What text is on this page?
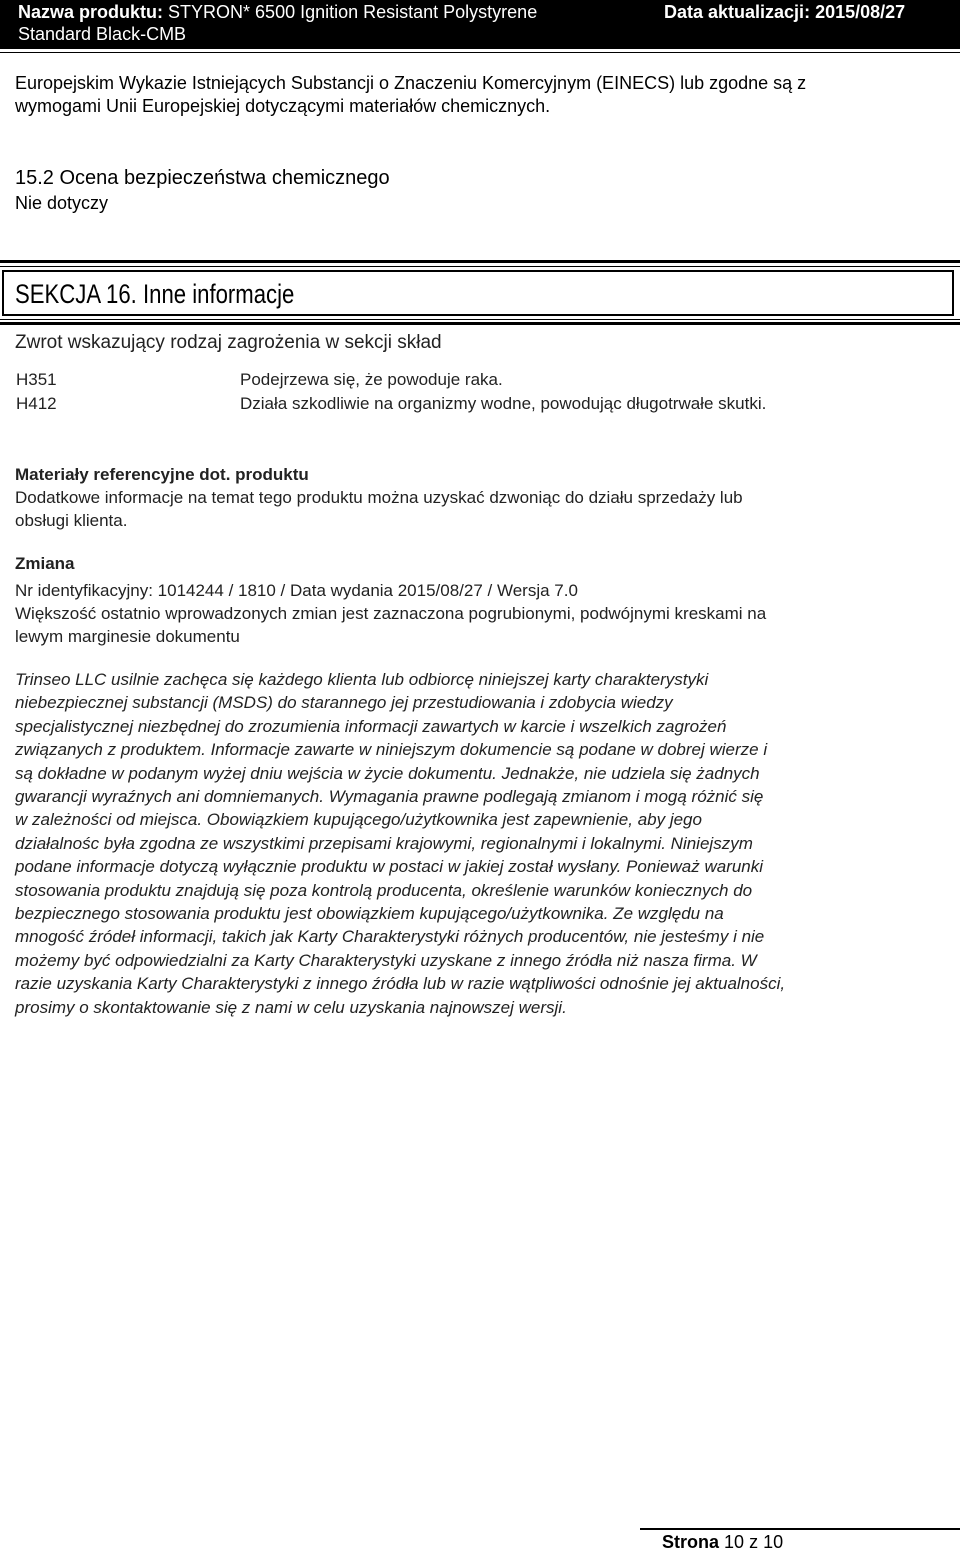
Nazwa produktu: STYRON* 6500 Ignition Resistant Polystyrene	Data aktualizacji: 2015/08/27
Standard Black-CMB
Europejskim Wykazie Istniejących Substancji o Znaczeniu Komercyjnym (EINECS) lub zgodne są z
wymogami Unii Europejskiej dotyczącymi materiałów chemicznych.
15.2 Ocena bezpieczeństwa chemicznego
Nie dotyczy
SEKCJA 16. Inne informacje
Zwrot wskazujący rodzaj zagrożenia w sekcji skład
H351	Podejrzewa się, że powoduje raka.
H412	Działa szkodliwie na organizmy wodne, powodując długotrwałe skutki.
Materiały referencyjne dot. produktu
Dodatkowe informacje na temat tego produktu można uzyskać dzwoniąc do działu sprzedaży lub
obsługi klienta.
Zmiana
Nr identyfikacyjny: 1014244 / 1810 / Data wydania 2015/08/27 / Wersja 7.0
Większość ostatnio wprowadzonych zmian jest zaznaczona pogrubionymi, podwójnymi kreskami na
lewym marginesie dokumentu
Trinseo LLC usilnie zachęca się każdego klienta lub odbiorcę niniejszej karty charakterystyki
niebezpiecznej substancji (MSDS) do starannego jej przestudiowania i zdobycia wiedzy
specjalistycznej niezbędnej do zrozumienia informacji zawartych w karcie i wszelkich zagrożeń
związanych z produktem. Informacje zawarte w niniejszym dokumencie są podane w dobrej wierze i
są dokładne w podanym wyżej dniu wejścia w życie dokumentu. Jednakże, nie udziela się żadnych
gwarancji wyraźnych ani domniemanych. Wymagania prawne podlegają zmianom i mogą różnić się
w zależności od miejsca. Obowiązkiem kupującego/użytkownika jest zapewnienie, aby jego
działalnośc była zgodna ze wszystkimi przepisami krajowymi, regionalnymi i lokalnymi. Niniejszym
podane informacje dotyczą wyłącznie produktu w postaci w jakiej został wysłany. Ponieważ warunki
stosowania produktu znajdują się poza kontrolą producenta, określenie warunków koniecznych do
bezpiecznego stosowania produktu jest obowiązkiem kupującego/użytkownika. Ze względu na
mnogość źródeł informacji, takich jak Karty Charakterystyki różnych producentów, nie jesteśmy i nie
możemy być odpowiedzialni za Karty Charakterystyki uzyskane z innego źródła niż nasza firma. W
razie uzyskania Karty Charakterystyki z innego źródła lub w razie wątpliwości odnośnie jej aktualności,
prosimy o skontaktowanie się z nami w celu uzyskania najnowszej wersji.
Strona 10 z 10
